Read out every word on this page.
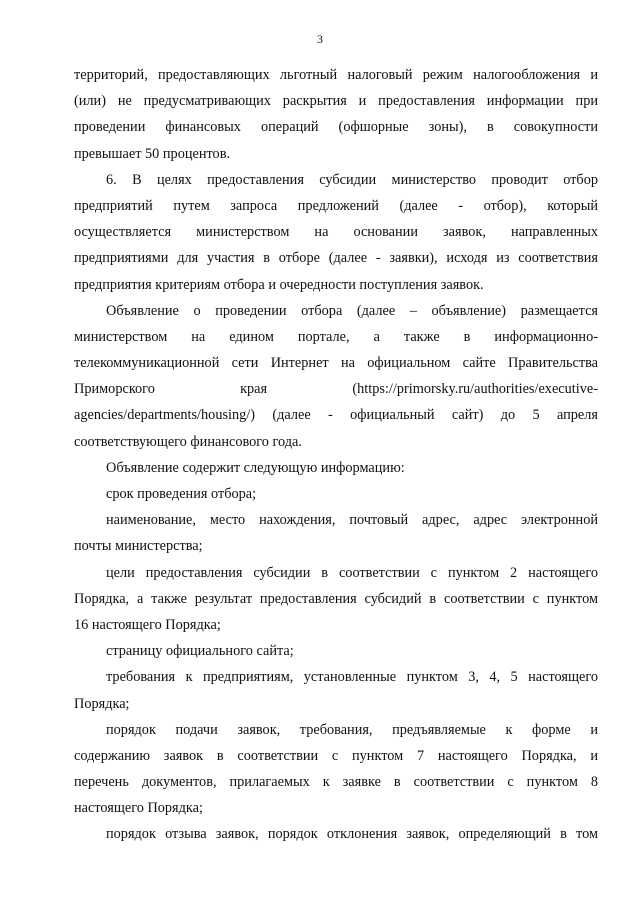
3
территорий, предоставляющих льготный налоговый режим налогообложения и
(или) не предусматривающих раскрытия и предоставления информации при
проведении финансовых операций (офшорные зоны), в совокупности
превышает 50 процентов.
6. В целях предоставления субсидии министерство проводит отбор
предприятий путем запроса предложений (далее - отбор), который
осуществляется министерством на основании заявок, направленных
предприятиями для участия в отборе (далее - заявки), исходя из соответствия
предприятия критериям отбора и очередности поступления заявок.
Объявление о проведении отбора (далее – объявление) размещается
министерством на едином портале, а также в информационно-
телекоммуникационной сети Интернет на официальном сайте Правительства
Приморского края (https://primorsky.ru/authorities/executive-
agencies/departments/housing/) (далее - официальный сайт) до 5 апреля
соответствующего финансового года.
Объявление содержит следующую информацию:
срок проведения отбора;
наименование, место нахождения, почтовый адрес, адрес электронной
почты министерства;
цели предоставления субсидии в соответствии с пунктом 2 настоящего
Порядка, а также результат предоставления субсидий в соответствии с пунктом
16 настоящего Порядка;
страницу официального сайта;
требования к предприятиям, установленные пунктом 3, 4, 5 настоящего
Порядка;
порядок подачи заявок, требования, предъявляемые к форме и
содержанию заявок в соответствии с пунктом 7 настоящего Порядка, и
перечень документов, прилагаемых к заявке в соответствии с пунктом 8
настоящего Порядка;
порядок отзыва заявок, порядок отклонения заявок, определяющий в том
